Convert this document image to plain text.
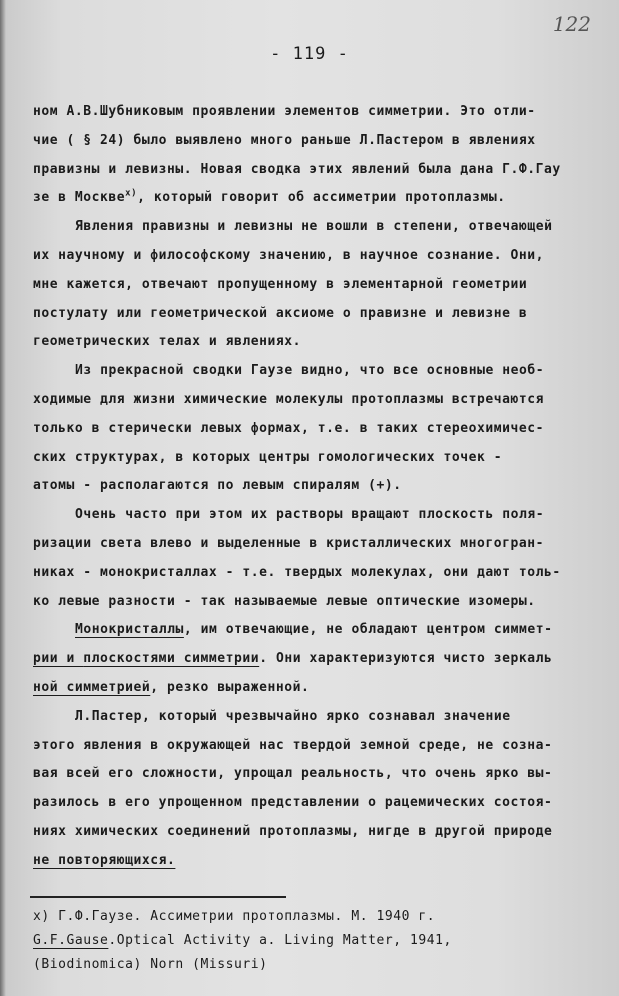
- 119 -
122
ном А.В.Шубниковым проявлении элементов симметрии. Это отли-
чие ( § 24) было выявлено много раньше Л.Пастером в явлениях
правизны и левизны. Новая сводка этих явлений была дана Г.Ф.Гау
зе в Москве$^{x)}$, который говорит об ассиметрии протоплазмы.
Явления правизны и левизны не вошли в степени, отвечающей
их научному и философскому значению, в научное сознание. Они,
мне кажется, отвечают пропущенному в элементарной геометрии
постулату или геометрической аксиоме о правизне и левизне в
геометрических телах и явлениях.
Из прекрасной сводки Гаузе видно, что все основные необ-
ходимые для жизни химические молекулы протоплазмы встречаются
только в стерически левых формах, т.е. в таких стереохимичес-
ских структурах, в которых центры гомологических точек -
атомы - располагаются по левым спиралям (+).
Очень часто при этом их растворы вращают плоскость поля-
ризации света влево и выделенные в кристаллических многогран-
никах - монокристаллах - т.е. твердых молекулах, они дают толь-
ко левые разности - так называемые левые оптические изомеры.
Монокристаллы, им отвечающие, не обладают центром симмет-
рии и плоскостями симметрии. Они характеризуются чисто зеркаль
ной симметрией, резко выраженной.
Л.Пастер, который чрезвычайно ярко сознавал значение
этого явления в окружающей нас твердой земной среде, не созна-
вая всей его сложности, упрощал реальность, что очень ярко вы-
разилось в его упрощенном представлении о рацемических состоя-
ниях химических соединений протоплазмы, нигде в другой природе
не повторяющихся.
x) Г.Ф.Гаузе. Ассиметрии протоплазмы. М. 1940 г.
G.F.Gause.Optical Activity a. Living Matter, 1941,
(Biodinomica) Norn (Missuri)
